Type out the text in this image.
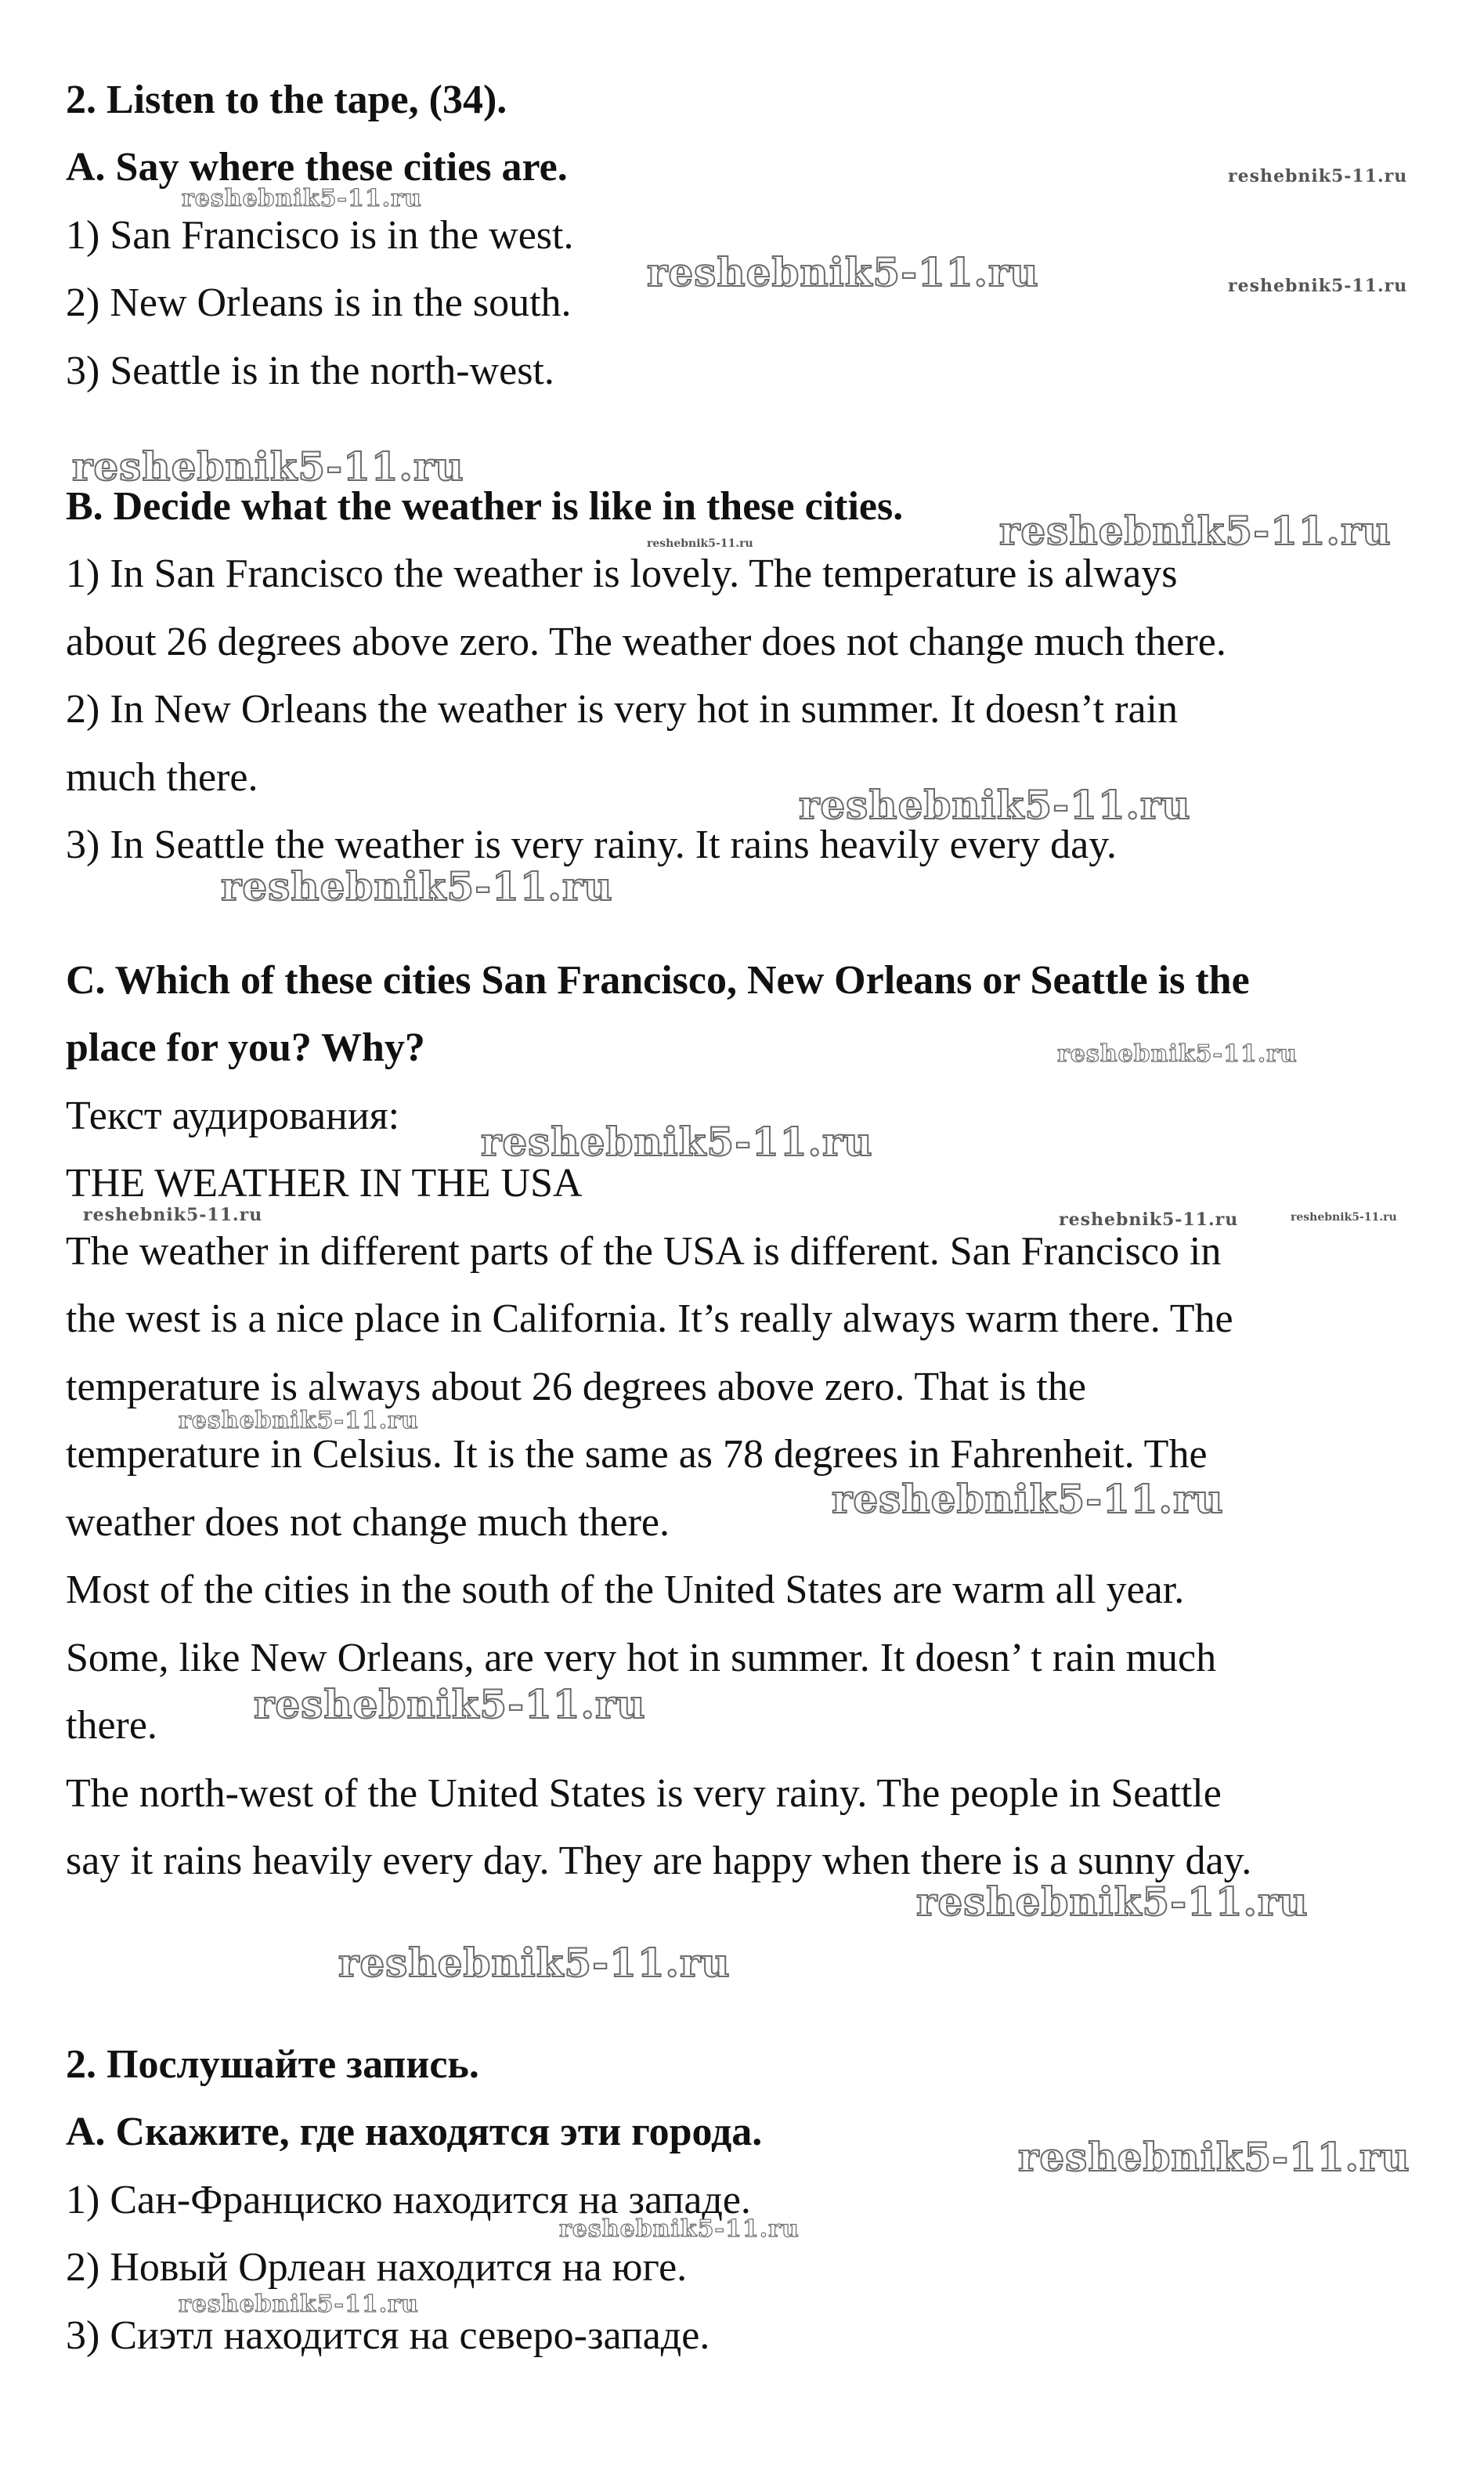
2. Listen to the tape, (34).
A. Say where these cities are.
1) San Francisco is in the west.
2) New Orleans is in the south.
3) Seattle is in the north-west.
B. Decide what the weather is like in these cities.
1) In San Francisco the weather is lovely. The temperature is always
about 26 degrees above zero. The weather does not change much there.
2) In New Orleans the weather is very hot in summer. It doesn’t rain
much there.
3) In Seattle the weather is very rainy. It rains heavily every day.
C. Which of these cities San Francisco, New Orleans or Seattle is the
place for you? Why?
Текст аудирования:
THE WEATHER IN THE USA
The weather in different parts of the USA is different. San Francisco in
the west is a nice place in California. It’s really always warm there. The
temperature is always about 26 degrees above zero. That is the
temperature in Celsius. It is the same as 78 degrees in Fahrenheit. The
weather does not change much there.
Most of the cities in the south of the United States are warm all year.
Some, like New Orleans, are very hot in summer. It doesn’ t rain much
there.
The north-west of the United States is very rainy. The people in Seattle
say it rains heavily every day. They are happy when there is a sunny day.
2. Послушайте запись.
А. Скажите, где находятся эти города.
1) Сан-Франциско находится на западе.
2) Новый Орлеан находится на юге.
3) Сиэтл находится на северо-западе.
reshebnik5-11.ru
reshebnik5-11.ru
reshebnik5-11.ru	reshebnik5-11.ru
reshebnik5-11.ru
reshebnik5-11.ru
reshebnik5-11.ru
reshebnik5-11.ru
reshebnik5-11.ru
reshebnik5-11.ru
reshebnik5-11.ru
reshebnik5-11.ru	reshebnik5-11.ru	reshebnik5-11.ru
reshebnik5-11.ru
reshebnik5-11.ru
reshebnik5-11.ru
reshebnik5-11.ru
reshebnik5-11.ru
reshebnik5-11.ru
reshebnik5-11.ru
reshebnik5-11.ru
